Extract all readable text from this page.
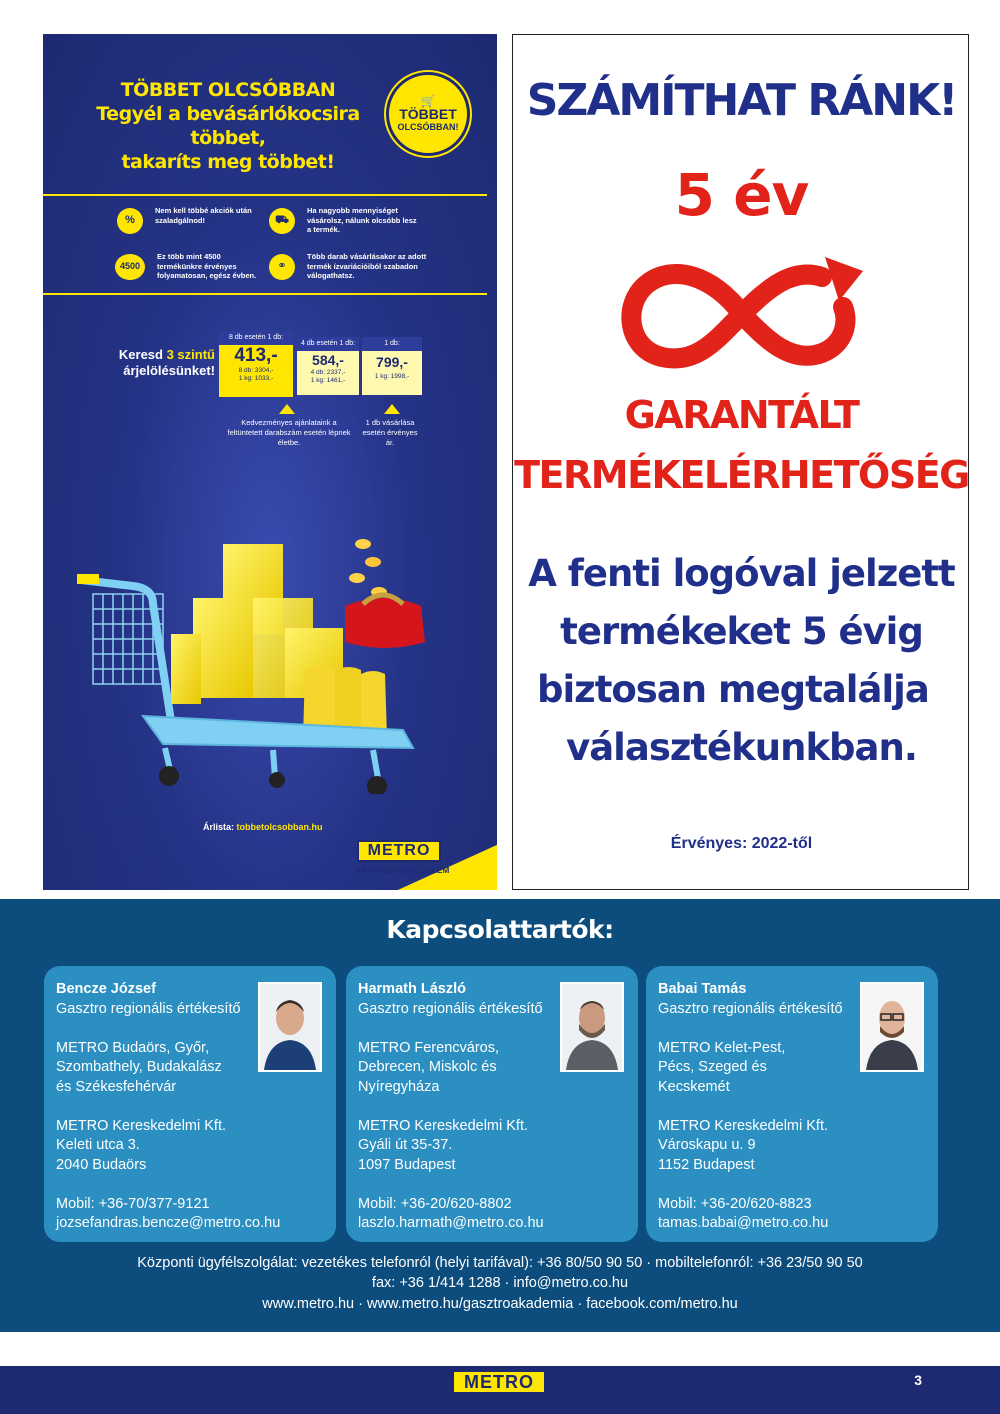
TÖBBET OLCSÓBBAN
Tegyél a bevásárlókocsira többet,
takaríts meg többet!
🛒
TÖBBET
OLCSÓBBAN!
%
Nem kell többé akciók után szaladgálnod!	⛟
Ha nagyobb mennyiséget vásárolsz, nálunk olcsóbb lesz a termék.
4500
Ez több mint 4500 termékünkre érvényes folyamatosan, egész évben.
⚭
Több darab vásárlásakor az adott termék ízvariációiból szabadon válogathatsz.
Keresd 3 szintű
árjelölésünket!
8 db esetén 1 db:
413,-
8 db: 3304,-
1 kg: 1033,-
4 db esetén 1 db:
584,-
4 db: 2337,-
1 kg: 1461,-
1 db:
799,-
1 kg: 1998,-
Kedvezményes ajánlataink a feltüntetett darabszám esetén lépnek életbe.
1 db vásárlása esetén érvényes ár.
Árlista: tobbetolcsobban.hu
METRO
NAGYKERESKEDELEM
SZÁMÍTHAT RÁNK!
5 év
GARANTÁLT
TERMÉKELÉRHETŐSÉG
A fenti logóval jelzett
termékeket 5 évig
biztosan megtalálja
választékunkban.
Érvényes: 2022-től
Kapcsolattartók:
Bencze József
Gasztro regionális értékesítő
METRO Budaörs, Győr,
Szombathely, Budakalász
és Székesfehérvár
METRO Kereskedelmi Kft.
Keleti utca 3.
2040 Budaörs
Mobil: +36-70/377-9121
jozsefandras.bencze@metro.co.hu
Harmath László
Gasztro regionális értékesítő
METRO Ferencváros,
Debrecen, Miskolc és
Nyíregyháza
METRO Kereskedelmi Kft.
Gyáli út 35-37.
1097 Budapest
Mobil: +36-20/620-8802
laszlo.harmath@metro.co.hu
Babai Tamás
Gasztro regionális értékesítő
METRO Kelet-Pest,
Pécs, Szeged és
Kecskemét
METRO Kereskedelmi Kft.
Városkapu u. 9
1152 Budapest
Mobil: +36-20/620-8823
tamas.babai@metro.co.hu
Központi ügyfélszolgálat: vezetékes telefonról (helyi tarifával): +36 80/50 90 50 · mobiltelefonról: +36 23/50 90 50
fax: +36 1/414 1288 · info@metro.co.hu
www.metro.hu · www.metro.hu/gasztroakademia · facebook.com/metro.hu
METRO	3
